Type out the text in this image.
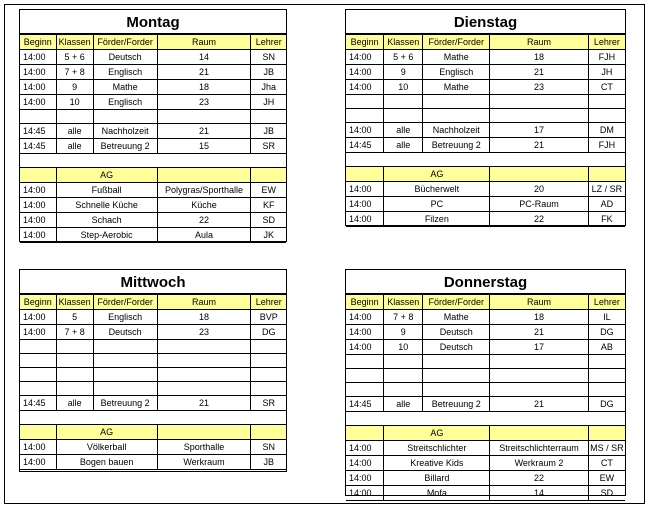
Montag
Beginn	Klassen	Förder/Forder	Raum	Lehrer
14:00	5 + 6	Deutsch	14	SN
14:00	7 + 8	Englisch	21	JB
14:00	9	Mathe	18	Jha
14:00	10	Englisch	23	JH

14:45	alle	Nachholzeit	21	JB
14:45	alle	Betreuung 2	15	SR

	AG			
14:00	Fußball		Polygras/Sporthalle	EW
14:00	Schnelle Küche		Küche	KF
14:00	Schach		22	SD
14:00	Step-Aerobic		Aula	JK
Dienstag
Beginn	Klassen	Förder/Forder	Raum	Lehrer
14:00	5 + 6	Mathe	18	FJH
14:00	9	Englisch	21	JH
14:00	10	Mathe	23	CT

14:00	alle	Nachholzeit	17	DM
14:45	alle	Betreuung 2	21	FJH

	AG			
14:00	Bücherwelt		20	LZ / SR
14:00	PC		PC-Raum	AD
14:00	Filzen		22	FK
Mittwoch
Beginn	Klassen	Förder/Forder	Raum	Lehrer
14:00	5	Englisch	18	BVP
14:00	7 + 8	Deutsch	23	DG

14:45	alle	Betreuung 2	21	SR

	AG			
14:00	Völkerball		Sporthalle	SN
14:00	Bogen bauen		Werkraum	JB
Donnerstag
Beginn	Klassen	Förder/Forder	Raum	Lehrer
14:00	7 + 8	Mathe	18	IL
14:00	9	Deutsch	21	DG
14:00	10	Deutsch	17	AB

14:45	alle	Betreuung 2	21	DG

	AG			
14:00	Streitschlichter		Streitschlichterraum	MS / SR
14:00	Kreative Kids		Werkraum 2	CT
14:00	Billard		22	EW
14:00	Mofa		14	SD
